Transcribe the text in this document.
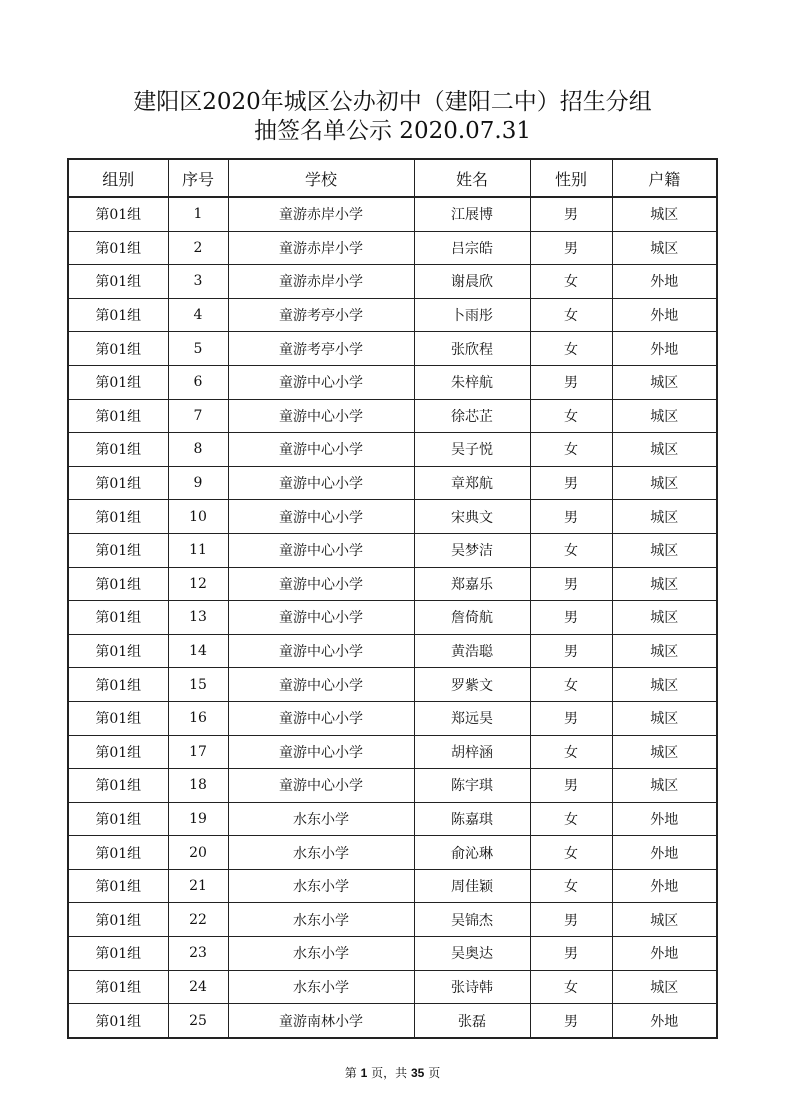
建阳区2020年城区公办初中（建阳二中）招生分组
抽签名单公示 2020.07.31
组别	序号	学校	姓名	性别	户籍
第01组	1	童游赤岸小学	江展博	男	城区
第01组	2	童游赤岸小学	吕宗皓	男	城区
第01组	3	童游赤岸小学	谢晨欣	女	外地
第01组	4	童游考亭小学	卜雨彤	女	外地
第01组	5	童游考亭小学	张欣程	女	外地
第01组	6	童游中心小学	朱梓航	男	城区
第01组	7	童游中心小学	徐芯芷	女	城区
第01组	8	童游中心小学	吴子悦	女	城区
第01组	9	童游中心小学	章郑航	男	城区
第01组	10	童游中心小学	宋典文	男	城区
第01组	11	童游中心小学	吴梦洁	女	城区
第01组	12	童游中心小学	郑嘉乐	男	城区
第01组	13	童游中心小学	詹倚航	男	城区
第01组	14	童游中心小学	黄浩聪	男	城区
第01组	15	童游中心小学	罗紫文	女	城区
第01组	16	童游中心小学	郑远昊	男	城区
第01组	17	童游中心小学	胡梓涵	女	城区
第01组	18	童游中心小学	陈宇琪	男	城区
第01组	19	水东小学	陈嘉琪	女	外地
第01组	20	水东小学	俞沁琳	女	外地
第01组	21	水东小学	周佳颖	女	外地
第01组	22	水东小学	吴锦杰	男	城区
第01组	23	水东小学	吴奥达	男	外地
第01组	24	水东小学	张诗韩	女	城区
第01组	25	童游南林小学	张磊	男	外地
第 1 页，共 35 页
